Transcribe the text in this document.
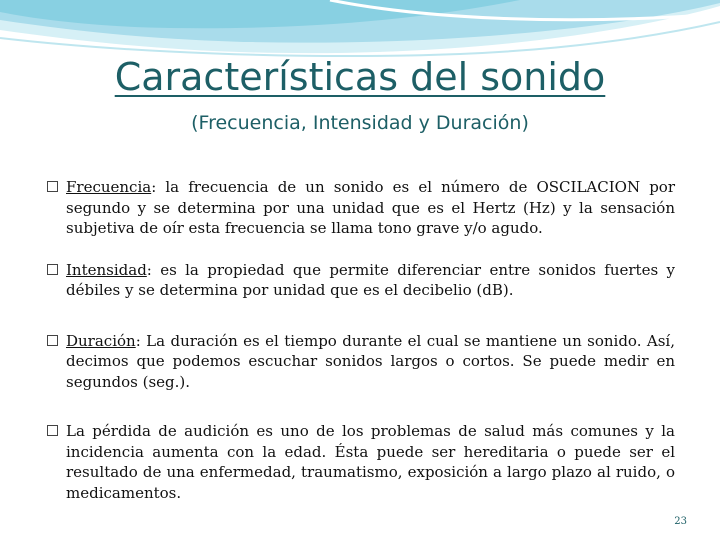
Características del sonido
(Frecuencia, Intensidad y Duración)
Frecuencia: la frecuencia de un sonido es el número de OSCILACION por segundo y se determina por una unidad que es el Hertz (Hz) y la sensación subjetiva de oír esta frecuencia se llama tono grave y/o agudo.
Intensidad: es la propiedad que permite diferenciar entre sonidos fuertes y débiles y se determina por unidad que es el decibelio (dB).
Duración: La duración es el tiempo durante el cual se mantiene un sonido. Así, decimos que podemos escuchar sonidos largos o cortos. Se puede medir en segundos (seg.).
La pérdida de audición es uno de los problemas de salud más comunes y la incidencia aumenta con la edad. Ésta puede ser hereditaria o puede ser el resultado de una enfermedad, traumatismo, exposición a largo plazo al ruido, o medicamentos.
23
